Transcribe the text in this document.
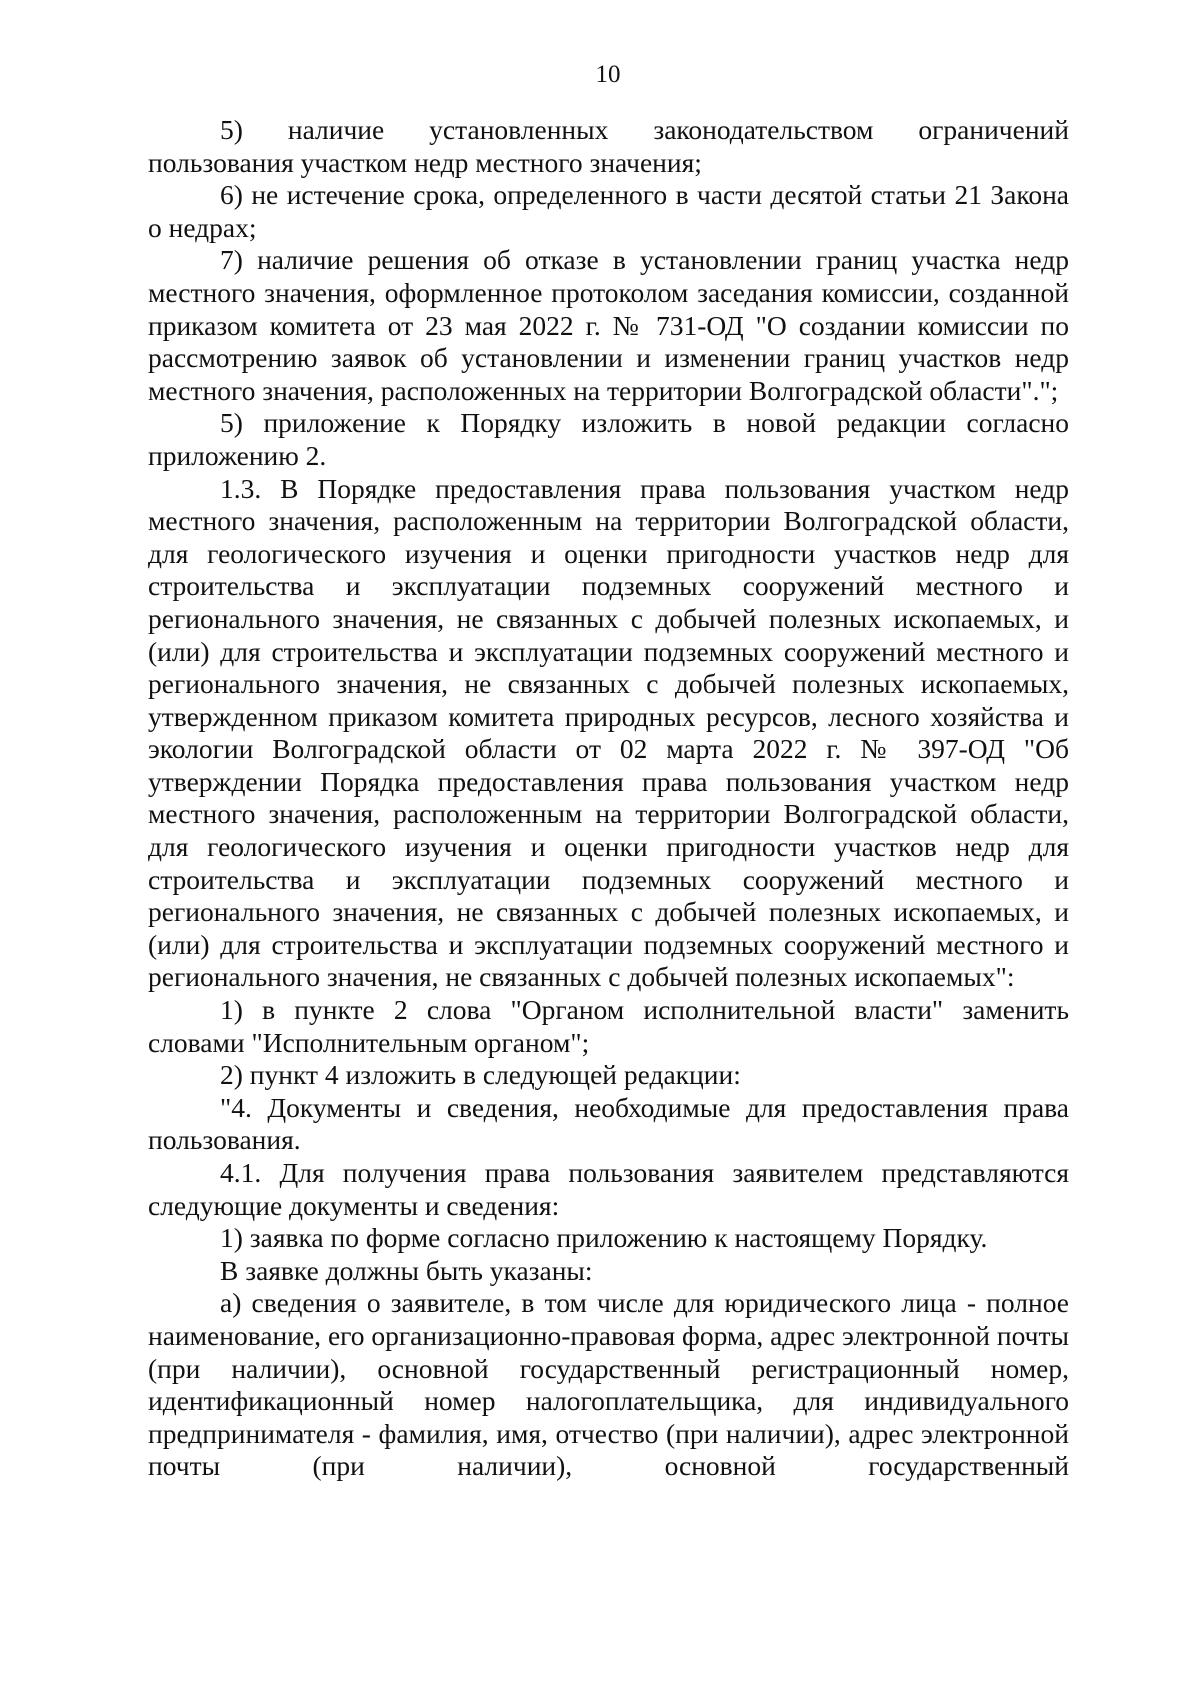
10

5) наличие установленных законодательством ограничений пользования участком недр местного значения;

6) не истечение срока, определенного в части десятой статьи 21 Закона о недрах;

7) наличие решения об отказе в установлении границ участка недр местного значения, оформленное протоколом заседания комиссии, созданной приказом комитета от 23 мая 2022 г. № 731-ОД "О создании комиссии по рассмотрению заявок об установлении и изменении границ участков недр местного значения, расположенных на территории Волгоградской области".";

5) приложение к Порядку изложить в новой редакции согласно приложению 2.

1.3. В Порядке предоставления права пользования участком недр местного значения, расположенным на территории Волгоградской области, для геологического изучения и оценки пригодности участков недр для строительства и эксплуатации подземных сооружений местного и регионального значения, не связанных с добычей полезных ископаемых, и (или) для строительства и эксплуатации подземных сооружений местного и регионального значения, не связанных с добычей полезных ископаемых, утвержденном приказом комитета природных ресурсов, лесного хозяйства и экологии Волгоградской области от 02 марта 2022 г. № 397-ОД "Об утверждении Порядка предоставления права пользования участком недр местного значения, расположенным на территории Волгоградской области, для геологического изучения и оценки пригодности участков недр для строительства и эксплуатации подземных сооружений местного и регионального значения, не связанных с добычей полезных ископаемых, и (или) для строительства и эксплуатации подземных сооружений местного и регионального значения, не связанных с добычей полезных ископаемых":

1) в пункте 2 слова "Органом исполнительной власти" заменить словами "Исполнительным органом";

2) пункт 4 изложить в следующей редакции:

"4. Документы и сведения, необходимые для предоставления права пользования.

4.1. Для получения права пользования заявителем представляются следующие документы и сведения:

1) заявка по форме согласно приложению к настоящему Порядку.

В заявке должны быть указаны:

а) сведения о заявителе, в том числе для юридического лица - полное наименование, его организационно-правовая форма, адрес электронной почты (при наличии), основной государственный регистрационный номер, идентификационный номер налогоплательщика, для индивидуального предпринимателя - фамилия, имя, отчество (при наличии), адрес электронной почты (при наличии), основной государственный
